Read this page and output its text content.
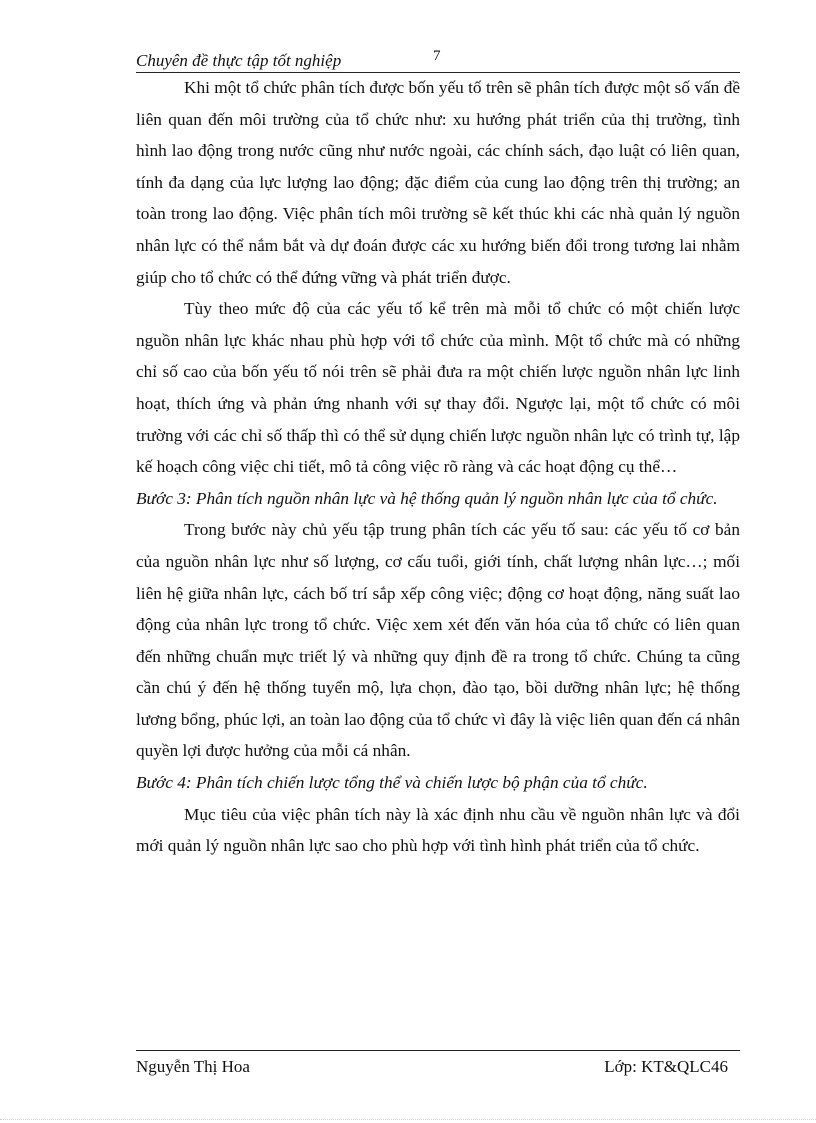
Chuyên đề thực tập tốt nghiệp	7

Khi một tổ chức phân tích được bốn yếu tố trên sẽ phân tích được một số vấn đề liên quan đến môi trường của tổ chức như: xu hướng phát triển của thị trường, tình hình lao động trong nước cũng như nước ngoài, các chính sách, đạo luật có liên quan, tính đa dạng của lực lượng lao động; đặc điểm của cung lao động trên thị trường; an toàn trong lao động. Việc phân tích môi trường sẽ kết thúc khi các nhà quản lý nguồn nhân lực có thể nắm bắt và dự đoán được các xu hướng biến đổi trong tương lai nhằm giúp cho tổ chức có thể đứng vững và phát triển được.

Tùy theo mức độ của các yếu tố kể trên mà mỗi tổ chức có một chiến lược nguồn nhân lực khác nhau phù hợp với tổ chức của mình. Một tổ chức mà có những chỉ số cao của bốn yếu tố nói trên sẽ phải đưa ra một chiến lược nguồn nhân lực linh hoạt, thích ứng và phản ứng nhanh với sự thay đổi. Ngược lại, một tổ chức có môi trường với các chỉ số thấp thì có thể sử dụng chiến lược nguồn nhân lực có trình tự, lập kế hoạch công việc chi tiết, mô tả công việc rõ ràng và các hoạt động cụ thể…

Bước 3: Phân tích nguồn nhân lực và hệ thống quản lý nguồn nhân lực của tổ chức.

Trong bước này chủ yếu tập trung phân tích các yếu tố sau: các yếu tố cơ bản của nguồn nhân lực như số lượng, cơ cấu tuổi, giới tính, chất lượng nhân lực…; mối liên hệ giữa nhân lực, cách bố trí sắp xếp công việc; động cơ hoạt động, năng suất lao động của nhân lực trong tổ chức. Việc xem xét đến văn hóa của tổ chức có liên quan đến những chuẩn mực triết lý và những quy định đề ra trong tổ chức. Chúng ta cũng cần chú ý đến hệ thống tuyển mộ, lựa chọn, đào tạo, bồi dưỡng nhân lực; hệ thống lương bổng, phúc lợi, an toàn lao động của tổ chức vì đây là việc liên quan đến cá nhân quyền lợi được hưởng của mỗi cá nhân.

Bước 4: Phân tích chiến lược tổng thể và chiến lược bộ phận của tổ chức.

Mục tiêu của việc phân tích này là xác định nhu cầu về nguồn nhân lực và đổi mới quản lý nguồn nhân lực sao cho phù hợp với tình hình phát triển của tổ chức.

Nguyễn Thị Hoa	Lớp: KT&QLC46
